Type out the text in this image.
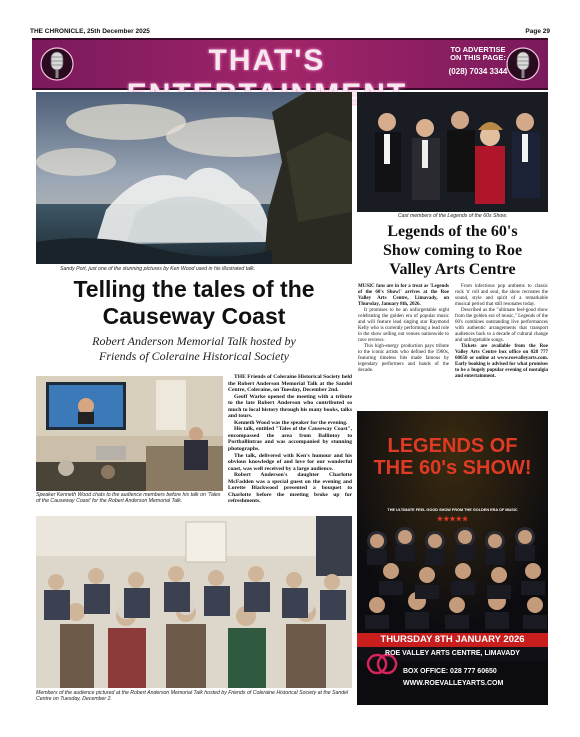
THE CHRONICLE, 25th December 2025	Page 29
THAT'S	TO ADVERTISE
ON THIS PAGE:
(028) 7034 3344
Sandy Port, just one of the stunning pictures by Ken Wood used in his illustrated talk.
Telling the tales of the
Causeway Coast
Robert Anderson Memorial Talk hosted by
Friends of Coleraine Historical Society
Speaker Kenneth Wood chats to the audience members before his talk on 'Tales of the Causeway Coast' for the Robert Anderson Memorial Talk.

THE Friends of Coleraine Historical Society held the Robert Anderson Memorial Talk at the Sandel Centre, Coleraine, on Tuesday, December 2nd.

Geoff Warke opened the meeting with a tribute to the late Robert Anderson who contributed so much to local history through his many books, talks and tours.

Kenneth Wood was the speaker for the evening.

His talk, entitled "Tales of the Causeway Coast", encompassed the area from Ballintoy to Portballintrae and was accompanied by stunning photographs.

The talk, delivered with Ken's humour and his obvious knowledge of and love for our wonderful coast, was well received by a large audience.

Robert Anderson's daughter Charlotte McFadden was a special guest on the evening and Lorette Blackwood presented a bouquet to Charlotte before the meeting broke up for refreshments.

Members of the audience pictured at the Robert Anderson Memorial Talk hosted by Friends of Coleraine Historical Society at the Sandel Centre on Tuesday, December 2.
Cast members of the Legends of the 60s Show.
Legends of the 60's
Show coming to Roe
Valley Arts Centre

MUSIC fans are in for a treat as 'Legends of the 60's Show!' arrives at the Roe Valley Arts Centre, Limavady, on Thursday, January 8th, 2026.

It promises to be an unforgettable night celebrating the golden era of popular music and will feature lead singing star Raymond Kelly who is currently performing a lead role in the show selling out venues nationwide to rave reviews.

This high-energy production pays tribute to the iconic artists who defined the 1960s, featuring timeless hits made famous by legendary performers and bands of the decade.

From infectious pop anthems to classic rock 'n' roll and soul, the show recreates the sound, style and spirit of a remarkable musical period that still resonates today.

Described as the "ultimate feel-good show from the golden era of music," Legends of the 60's combines outstanding live performances with authentic arrangements that transport audiences back to a decade of cultural change and unforgettable songs.

Tickets are available from the Roe Valley Arts Centre box office on 028 777 60650 or online at www.roevalleyarts.com. Early booking is advised for what promises to be a hugely popular evening of nostalgia and entertainment.

LEGENDS OF
THE 60's SHOW!
THE ULTIMATE FEEL GOOD SHOW FROM THE GOLDEN ERA OF MUSIC
★★★★★
THURSDAY 8TH JANUARY 2026
ROE VALLEY ARTS CENTRE, LIMAVADY
BOX OFFICE: 028 777 60650
WWW.ROEVALLEYARTS.COM
